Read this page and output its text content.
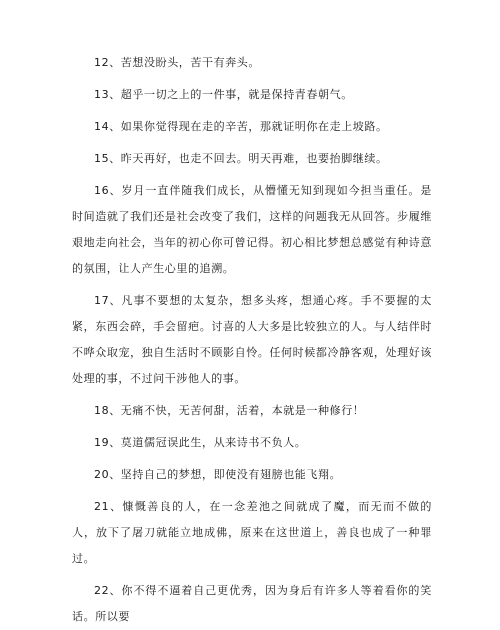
12、苦想没盼头，苦干有奔头。

13、超乎一切之上的一件事，就是保持青春朝气。

14、如果你觉得现在走的辛苦，那就证明你在走上坡路。

15、昨天再好，也走不回去。明天再难，也要抬脚继续。

16、岁月一直伴随我们成长，从懵懂无知到现如今担当重任。是时间造就了我们还是社会改变了我们，这样的问题我无从回答。步履维艰地走向社会，当年的初心你可曾记得。初心相比梦想总感觉有种诗意的氛围，让人产生心里的追溯。

17、凡事不要想的太复杂，想多头疼，想通心疼。手不要握的太紧，东西会碎，手会留疤。讨喜的人大多是比较独立的人。与人结伴时不哗众取宠，独自生活时不顾影自怜。任何时候都冷静客观，处理好该处理的事，不过问干涉他人的事。

18、无痛不快，无苦何甜，活着，本就是一种修行！

19、莫道儒冠误此生，从来诗书不负人。

20、坚持自己的梦想，即使没有翅膀也能飞翔。

21、慷慨善良的人，在一念差池之间就成了魔，而无而不做的人，放下了屠刀就能立地成佛，原来在这世道上，善良也成了一种罪过。

22、你不得不逼着自己更优秀，因为身后有许多人等着看你的笑话。所以要
